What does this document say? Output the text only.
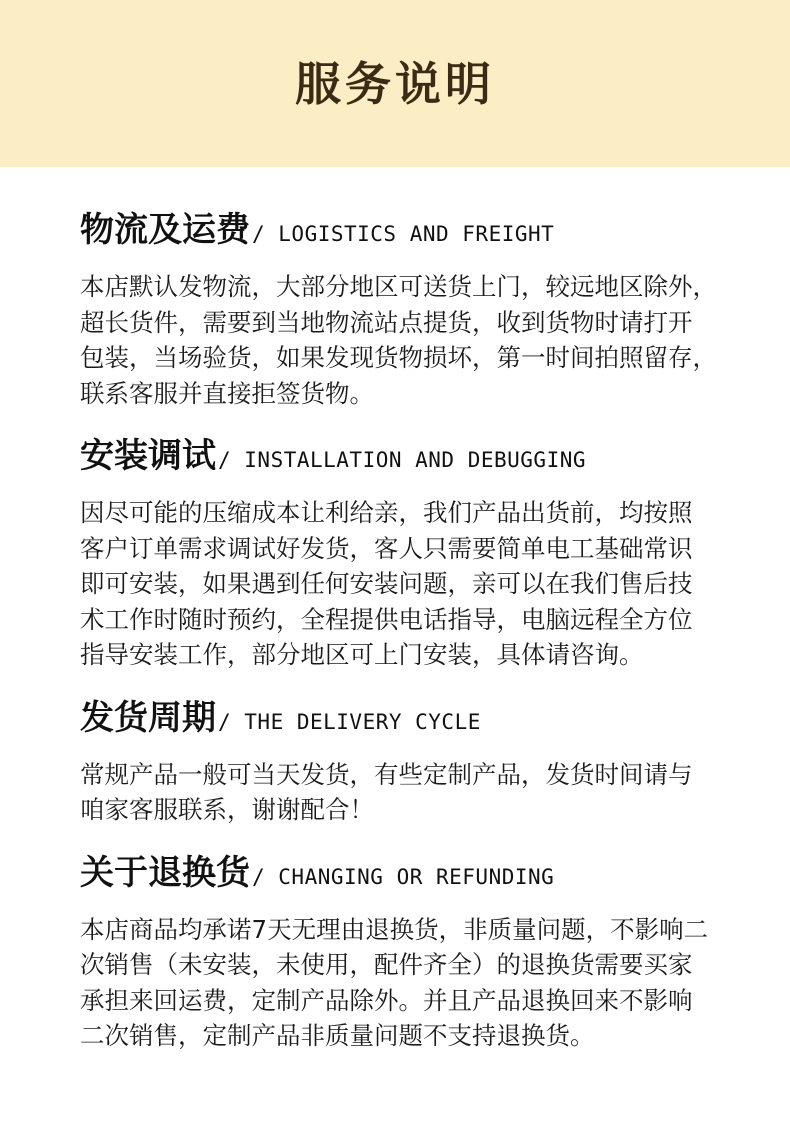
服务说明
物流及运费 / LOGISTICS AND FREIGHT

本店默认发物流，大部分地区可送货上门，较远地区除外，
超长货件，需要到当地物流站点提货，收到货物时请打开
包装，当场验货，如果发现货物损坏，第一时间拍照留存，
联系客服并直接拒签货物。

安装调试 / INSTALLATION AND DEBUGGING

因尽可能的压缩成本让利给亲，我们产品出货前，均按照
客户订单需求调试好发货，客人只需要简单电工基础常识
即可安装，如果遇到任何安装问题，亲可以在我们售后技
术工作时随时预约，全程提供电话指导，电脑远程全方位
指导安装工作，部分地区可上门安装，具体请咨询。

发货周期 / THE DELIVERY CYCLE

常规产品一般可当天发货，有些定制产品，发货时间请与
咱家客服联系，谢谢配合！

关于退换货 / CHANGING OR REFUNDING

本店商品均承诺7天无理由退换货，非质量问题，不影响二
次销售（未安装，未使用，配件齐全）的退换货需要买家
承担来回运费，定制产品除外。并且产品退换回来不影响
二次销售，定制产品非质量问题不支持退换货。
